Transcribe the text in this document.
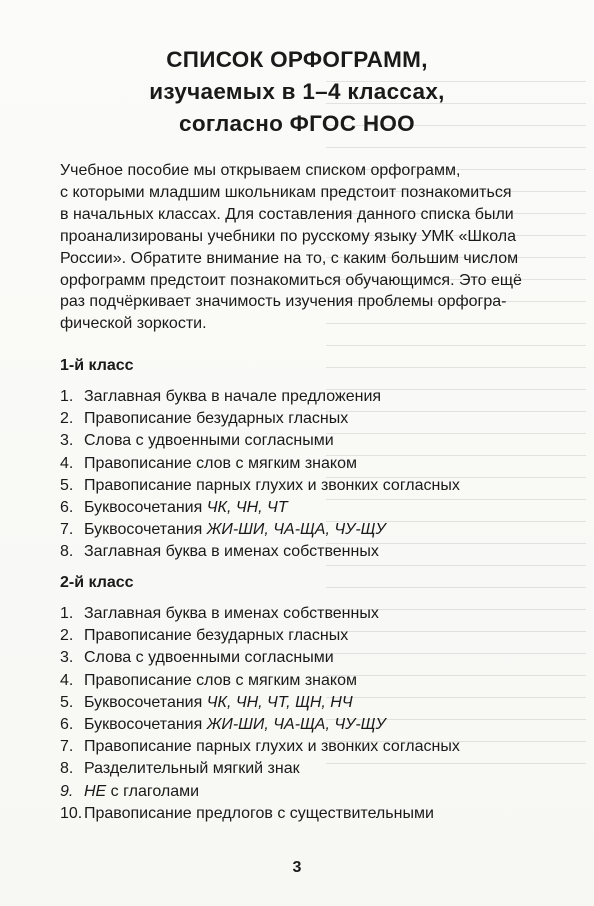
СПИСОК ОРФОГРАММ,
изучаемых в 1–4 классах,
согласно ФГОС НОО
Учебное пособие мы открываем списком орфограмм,
с которыми младшим школьникам предстоит познакомиться
в начальных классах. Для составления данного списка были
проанализированы учебники по русскому языку УМК «Школа
России». Обратите внимание на то, с каким большим числом
орфограмм предстоит познакомиться обучающимся. Это ещё
раз подчёркивает значимость изучения проблемы орфогра-
фической зоркости.
1-й класс
1. Заглавная буква в начале предложения
2. Правописание безударных гласных
3. Слова с удвоенными согласными
4. Правописание слов с мягким знаком
5. Правописание парных глухих и звонких согласных
6. Буквосочетания ЧК, ЧН, ЧТ
7. Буквосочетания ЖИ-ШИ, ЧА-ЩА, ЧУ-ЩУ
8. Заглавная буква в именах собственных
2-й класс
1. Заглавная буква в именах собственных
2. Правописание безударных гласных
3. Слова с удвоенными согласными
4. Правописание слов с мягким знаком
5. Буквосочетания ЧК, ЧН, ЧТ, ЩН, НЧ
6. Буквосочетания ЖИ-ШИ, ЧА-ЩА, ЧУ-ЩУ
7. Правописание парных глухих и звонких согласных
8. Разделительный мягкий знак
9. НЕ с глаголами
10. Правописание предлогов с существительными
3
